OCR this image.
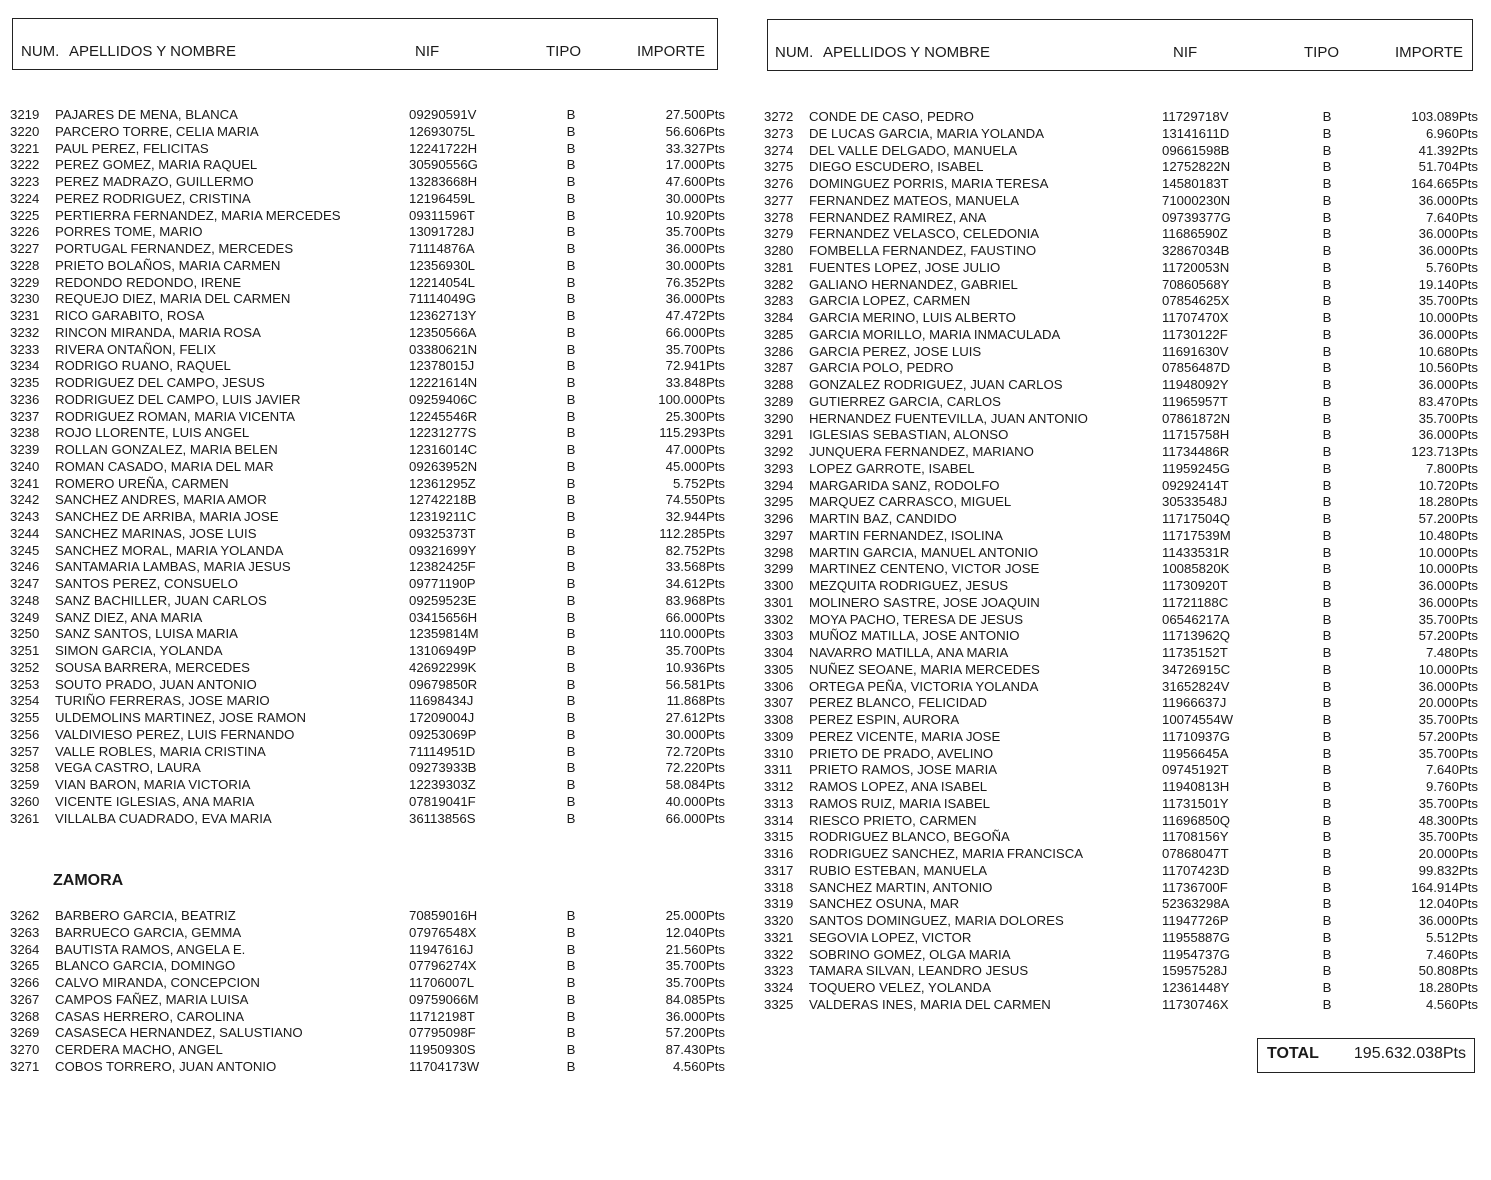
NUM. APELLIDOS Y NOMBRE	NIF	TIPO	IMPORTE
3219 PAJARES DE MENA, BLANCA	09290591V	B	27.500Pts
3220 PARCERO TORRE, CELIA MARIA	12693075L	B	56.606Pts
3221 PAUL PEREZ, FELICITAS	12241722H	B	33.327Pts
3222 PEREZ GOMEZ, MARIA RAQUEL	30590556G	B	17.000Pts
3223 PEREZ MADRAZO, GUILLERMO	13283668H	B	47.600Pts
3224 PEREZ RODRIGUEZ, CRISTINA	12196459L	B	30.000Pts
3225 PERTIERRA FERNANDEZ, MARIA MERCEDES	09311596T	B	10.920Pts
3226 PORRES TOME, MARIO	13091728J	B	35.700Pts
3227 PORTUGAL FERNANDEZ, MERCEDES	71114876A	B	36.000Pts
3228 PRIETO BOLAÑOS, MARIA CARMEN	12356930L	B	30.000Pts
3229 REDONDO REDONDO, IRENE	12214054L	B	76.352Pts
3230 REQUEJO DIEZ, MARIA DEL CARMEN	71114049G	B	36.000Pts
3231 RICO GARABITO, ROSA	12362713Y	B	47.472Pts
3232 RINCON MIRANDA, MARIA ROSA	12350566A	B	66.000Pts
3233 RIVERA ONTAÑON, FELIX	03380621N	B	35.700Pts
3234 RODRIGO RUANO, RAQUEL	12378015J	B	72.941Pts
3235 RODRIGUEZ DEL CAMPO, JESUS	12221614N	B	33.848Pts
3236 RODRIGUEZ DEL CAMPO, LUIS JAVIER	09259406C	B	100.000Pts
3237 RODRIGUEZ ROMAN, MARIA VICENTA	12245546R	B	25.300Pts
3238 ROJO LLORENTE, LUIS ANGEL	12231277S	B	115.293Pts
3239 ROLLAN GONZALEZ, MARIA BELEN	12316014C	B	47.000Pts
3240 ROMAN CASADO, MARIA DEL MAR	09263952N	B	45.000Pts
3241 ROMERO UREÑA, CARMEN	12361295Z	B	5.752Pts
3242 SANCHEZ ANDRES, MARIA AMOR	12742218B	B	74.550Pts
3243 SANCHEZ DE ARRIBA, MARIA JOSE	12319211C	B	32.944Pts
3244 SANCHEZ MARINAS, JOSE LUIS	09325373T	B	112.285Pts
3245 SANCHEZ MORAL, MARIA YOLANDA	09321699Y	B	82.752Pts
3246 SANTAMARIA LAMBAS, MARIA JESUS	12382425F	B	33.568Pts
3247 SANTOS PEREZ, CONSUELO	09771190P	B	34.612Pts
3248 SANZ BACHILLER, JUAN CARLOS	09259523E	B	83.968Pts
3249 SANZ DIEZ, ANA MARIA	03415656H	B	66.000Pts
3250 SANZ SANTOS, LUISA MARIA	12359814M	B	110.000Pts
3251 SIMON GARCIA, YOLANDA	13106949P	B	35.700Pts
3252 SOUSA BARRERA, MERCEDES	42692299K	B	10.936Pts
3253 SOUTO PRADO, JUAN ANTONIO	09679850R	B	56.581Pts
3254 TURIÑO FERRERAS, JOSE MARIO	11698434J	B	11.868Pts
3255 ULDEMOLINS MARTINEZ, JOSE RAMON	17209004J	B	27.612Pts
3256 VALDIVIESO PEREZ, LUIS FERNANDO	09253069P	B	30.000Pts
3257 VALLE ROBLES, MARIA CRISTINA	71114951D	B	72.720Pts
3258 VEGA CASTRO, LAURA	09273933B	B	72.220Pts
3259 VIAN BARON, MARIA VICTORIA	12239303Z	B	58.084Pts
3260 VICENTE IGLESIAS, ANA MARIA	07819041F	B	40.000Pts
3261 VILLALBA CUADRADO, EVA MARIA	36113856S	B	66.000Pts
ZAMORA
3262 BARBERO GARCIA, BEATRIZ	70859016H	B	25.000Pts
3263 BARRUECO GARCIA, GEMMA	07976548X	B	12.040Pts
3264 BAUTISTA RAMOS, ANGELA E.	11947616J	B	21.560Pts
3265 BLANCO GARCIA, DOMINGO	07796274X	B	35.700Pts
3266 CALVO MIRANDA, CONCEPCION	11706007L	B	35.700Pts
3267 CAMPOS FAÑEZ, MARIA LUISA	09759066M	B	84.085Pts
3268 CASAS HERRERO, CAROLINA	11712198T	B	36.000Pts
3269 CASASECA HERNANDEZ, SALUSTIANO	07795098F	B	57.200Pts
3270 CERDERA MACHO, ANGEL	11950930S	B	87.430Pts
3271 COBOS TORRERO, JUAN ANTONIO	11704173W	B	4.560Pts
NUM. APELLIDOS Y NOMBRE	NIF	TIPO	IMPORTE
3272 CONDE DE CASO, PEDRO	11729718V	B	103.089Pts
3273 DE LUCAS GARCIA, MARIA YOLANDA	13141611D	B	6.960Pts
3274 DEL VALLE DELGADO, MANUELA	09661598B	B	41.392Pts
3275 DIEGO ESCUDERO, ISABEL	12752822N	B	51.704Pts
3276 DOMINGUEZ PORRIS, MARIA TERESA	14580183T	B	164.665Pts
3277 FERNANDEZ MATEOS, MANUELA	71000230N	B	36.000Pts
3278 FERNANDEZ RAMIREZ, ANA	09739377G	B	7.640Pts
3279 FERNANDEZ VELASCO, CELEDONIA	11686590Z	B	36.000Pts
3280 FOMBELLA FERNANDEZ, FAUSTINO	32867034B	B	36.000Pts
3281 FUENTES LOPEZ, JOSE JULIO	11720053N	B	5.760Pts
3282 GALIANO HERNANDEZ, GABRIEL	70860568Y	B	19.140Pts
3283 GARCIA LOPEZ, CARMEN	07854625X	B	35.700Pts
3284 GARCIA MERINO, LUIS ALBERTO	11707470X	B	10.000Pts
3285 GARCIA MORILLO, MARIA INMACULADA	11730122F	B	36.000Pts
3286 GARCIA PEREZ, JOSE LUIS	11691630V	B	10.680Pts
3287 GARCIA POLO, PEDRO	07856487D	B	10.560Pts
3288 GONZALEZ RODRIGUEZ, JUAN CARLOS	11948092Y	B	36.000Pts
3289 GUTIERREZ GARCIA, CARLOS	11965957T	B	83.470Pts
3290 HERNANDEZ FUENTEVILLA, JUAN ANTONIO	07861872N	B	35.700Pts
3291 IGLESIAS SEBASTIAN, ALONSO	11715758H	B	36.000Pts
3292 JUNQUERA FERNANDEZ, MARIANO	11734486R	B	123.713Pts
3293 LOPEZ GARROTE, ISABEL	11959245G	B	7.800Pts
3294 MARGARIDA SANZ, RODOLFO	09292414T	B	10.720Pts
3295 MARQUEZ CARRASCO, MIGUEL	30533548J	B	18.280Pts
3296 MARTIN BAZ, CANDIDO	11717504Q	B	57.200Pts
3297 MARTIN FERNANDEZ, ISOLINA	11717539M	B	10.480Pts
3298 MARTIN GARCIA, MANUEL ANTONIO	11433531R	B	10.000Pts
3299 MARTINEZ CENTENO, VICTOR JOSE	10085820K	B	10.000Pts
3300 MEZQUITA RODRIGUEZ, JESUS	11730920T	B	36.000Pts
3301 MOLINERO SASTRE, JOSE JOAQUIN	11721188C	B	36.000Pts
3302 MOYA PACHO, TERESA DE JESUS	06546217A	B	35.700Pts
3303 MUÑOZ MATILLA, JOSE ANTONIO	11713962Q	B	57.200Pts
3304 NAVARRO MATILLA, ANA MARIA	11735152T	B	7.480Pts
3305 NUÑEZ SEOANE, MARIA MERCEDES	34726915C	B	10.000Pts
3306 ORTEGA PEÑA, VICTORIA YOLANDA	31652824V	B	36.000Pts
3307 PEREZ BLANCO, FELICIDAD	11966637J	B	20.000Pts
3308 PEREZ ESPIN, AURORA	10074554W	B	35.700Pts
3309 PEREZ VICENTE, MARIA JOSE	11710937G	B	57.200Pts
3310 PRIETO DE PRADO, AVELINO	11956645A	B	35.700Pts
3311 PRIETO RAMOS, JOSE MARIA	09745192T	B	7.640Pts
3312 RAMOS LOPEZ, ANA ISABEL	11940813H	B	9.760Pts
3313 RAMOS RUIZ, MARIA ISABEL	11731501Y	B	35.700Pts
3314 RIESCO PRIETO, CARMEN	11696850Q	B	48.300Pts
3315 RODRIGUEZ BLANCO, BEGOÑA	11708156Y	B	35.700Pts
3316 RODRIGUEZ SANCHEZ, MARIA FRANCISCA	07868047T	B	20.000Pts
3317 RUBIO ESTEBAN, MANUELA	11707423D	B	99.832Pts
3318 SANCHEZ MARTIN, ANTONIO	11736700F	B	164.914Pts
3319 SANCHEZ OSUNA, MAR	52363298A	B	12.040Pts
3320 SANTOS DOMINGUEZ, MARIA DOLORES	11947726P	B	36.000Pts
3321 SEGOVIA LOPEZ, VICTOR	11955887G	B	5.512Pts
3322 SOBRINO GOMEZ, OLGA MARIA	11954737G	B	7.460Pts
3323 TAMARA SILVAN, LEANDRO JESUS	15957528J	B	50.808Pts
3324 TOQUERO VELEZ, YOLANDA	12361448Y	B	18.280Pts
3325 VALDERAS INES, MARIA DEL CARMEN	11730746X	B	4.560Pts
TOTAL 195.632.038Pts
